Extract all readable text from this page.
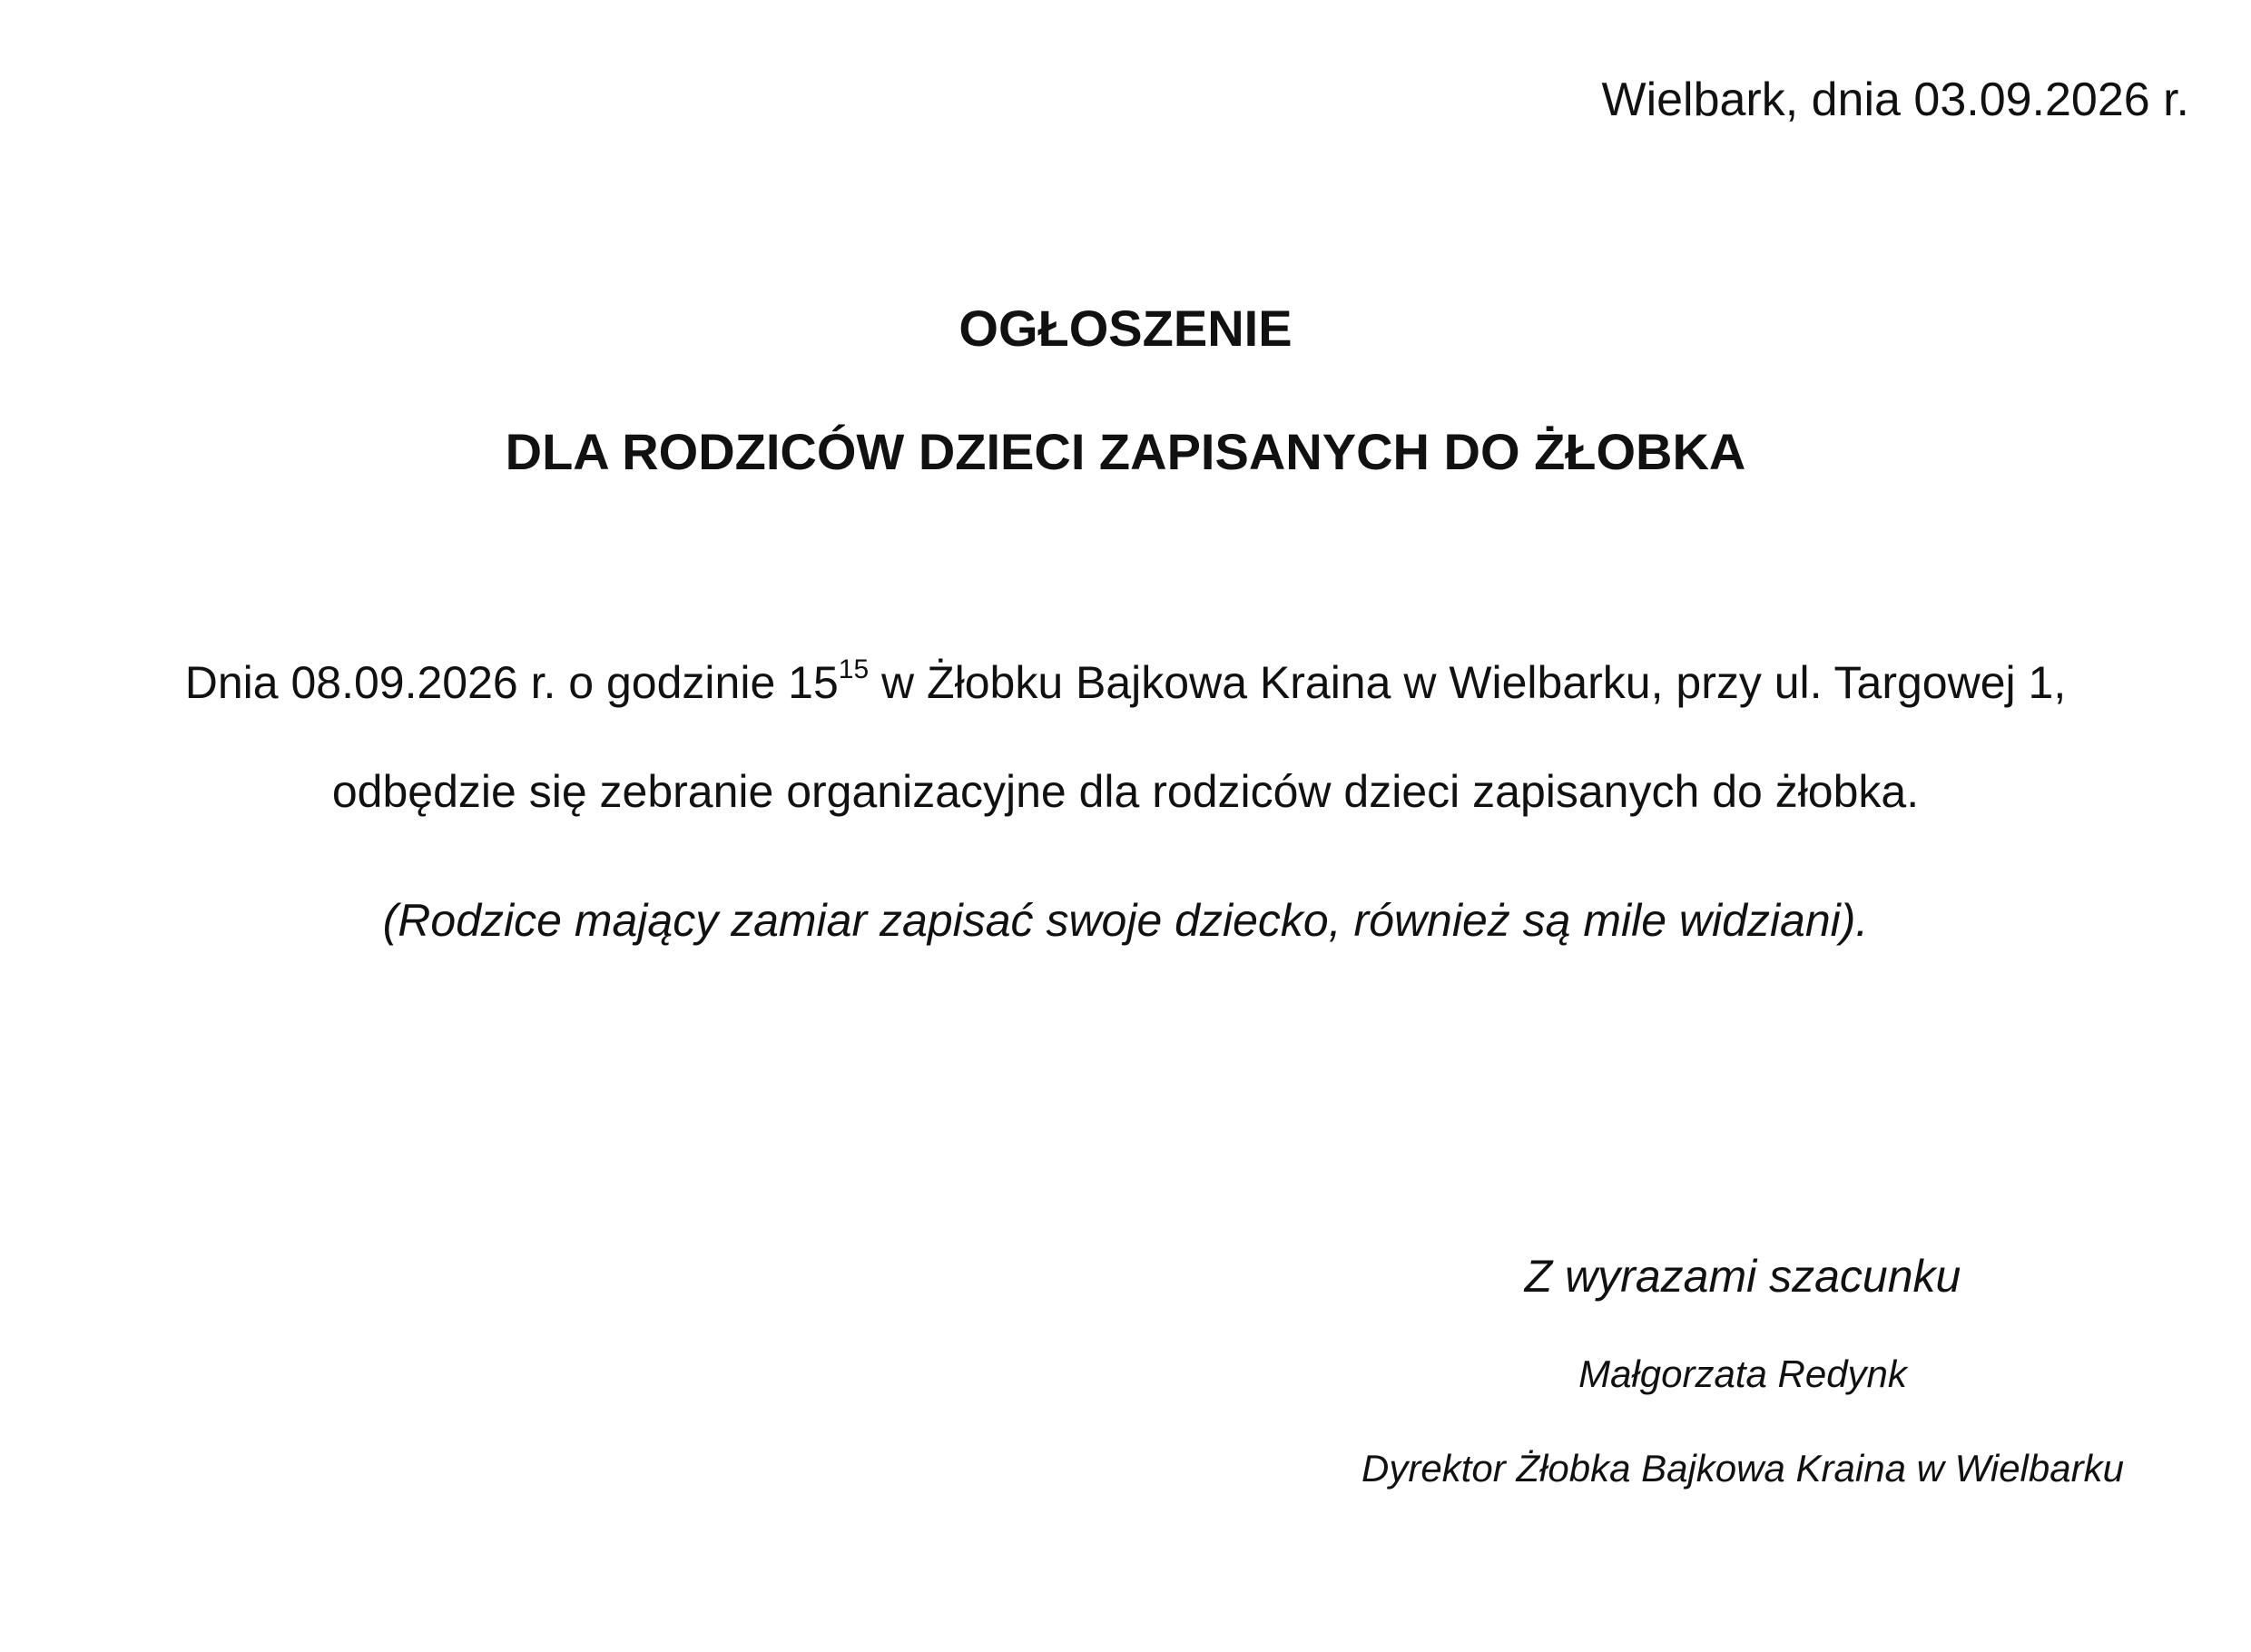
Wielbark, dnia 03.09.2026 r.
OGŁOSZENIE
DLA RODZICÓW DZIECI ZAPISANYCH DO ŻŁOBKA
Dnia 08.09.2026 r. o godzinie $15^{15}$ w Żłobku Bajkowa Kraina w Wielbarku, przy ul. Targowej 1,
odbędzie się zebranie organizacyjne dla rodziców dzieci zapisanych do żłobka.
(Rodzice mający zamiar zapisać swoje dziecko, również są mile widziani).
Z wyrazami szacunku
Małgorzata Redynk
Dyrektor Żłobka Bajkowa Kraina w Wielbarku
